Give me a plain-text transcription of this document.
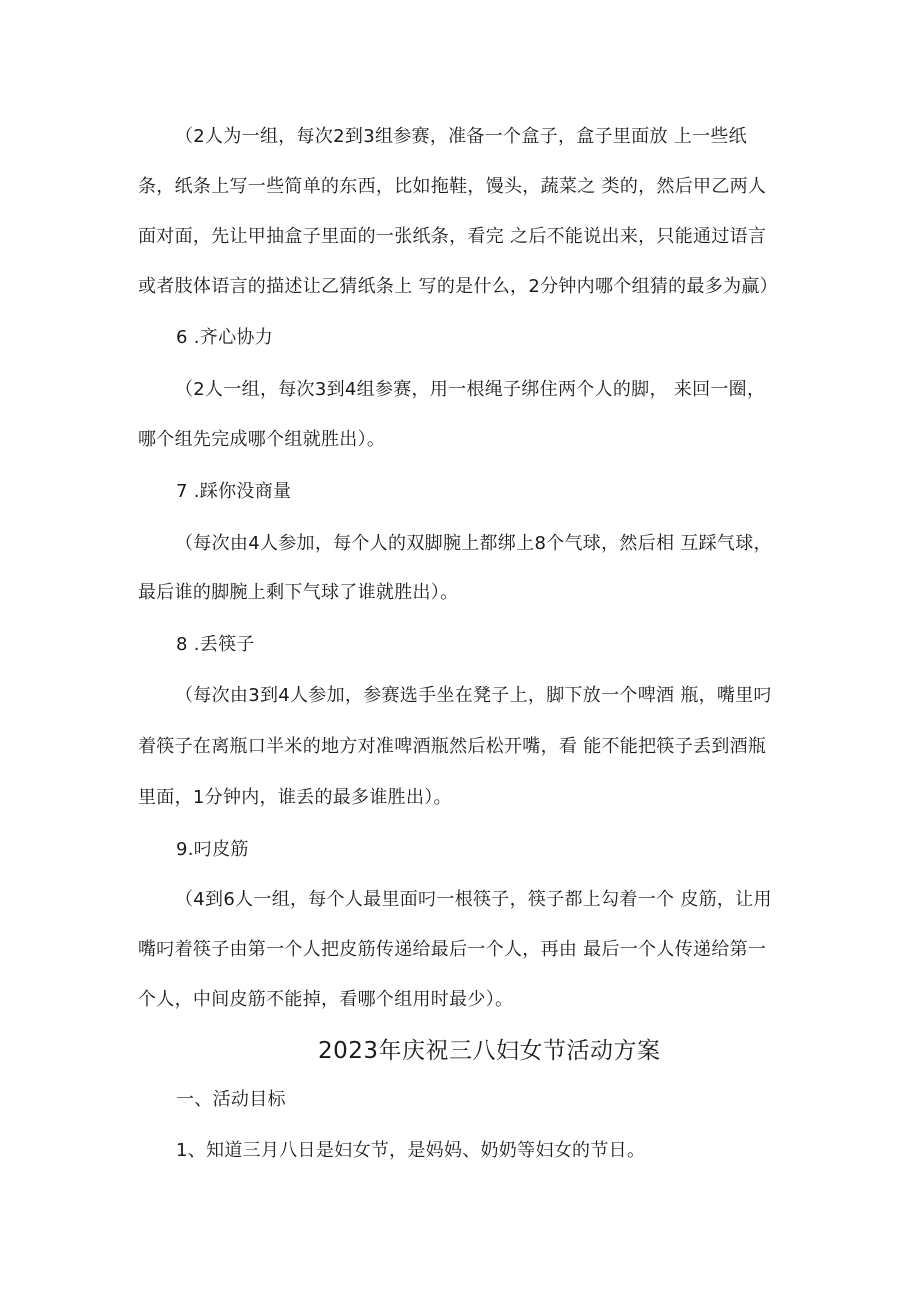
（2人为一组，每次2到3组参赛，准备一个盒子，盒子里面放 上一些纸
条，纸条上写一些简单的东西，比如拖鞋，馒头，蔬菜之 类的，然后甲乙两人
面对面，先让甲抽盒子里面的一张纸条，看完 之后不能说出来，只能通过语言
或者肢体语言的描述让乙猜纸条上 写的是什么，2分钟内哪个组猜的最多为赢）
6 .齐心协力
（2人一组，每次3到4组参赛，用一根绳子绑住两个人的脚， 来回一圈，
哪个组先完成哪个组就胜出）。
7 .踩你没商量
（每次由4人参加，每个人的双脚腕上都绑上8个气球，然后相 互踩气球，
最后谁的脚腕上剩下气球了谁就胜出）。
8 .丢筷子
（每次由3到4人参加，参赛选手坐在凳子上，脚下放一个啤酒 瓶，嘴里叼
着筷子在离瓶口半米的地方对准啤酒瓶然后松开嘴，看 能不能把筷子丢到酒瓶
里面，1分钟内，谁丢的最多谁胜出）。
9.叼皮筋
（4到6人一组，每个人最里面叼一根筷子，筷子都上勾着一个 皮筋，让用
嘴叼着筷子由第一个人把皮筋传递给最后一个人，再由 最后一个人传递给第一
个人，中间皮筋不能掉，看哪个组用时最少）。
2023年庆祝三八妇女节活动方案
一、活动目标
1、知道三月八日是妇女节，是妈妈、奶奶等妇女的节日。
